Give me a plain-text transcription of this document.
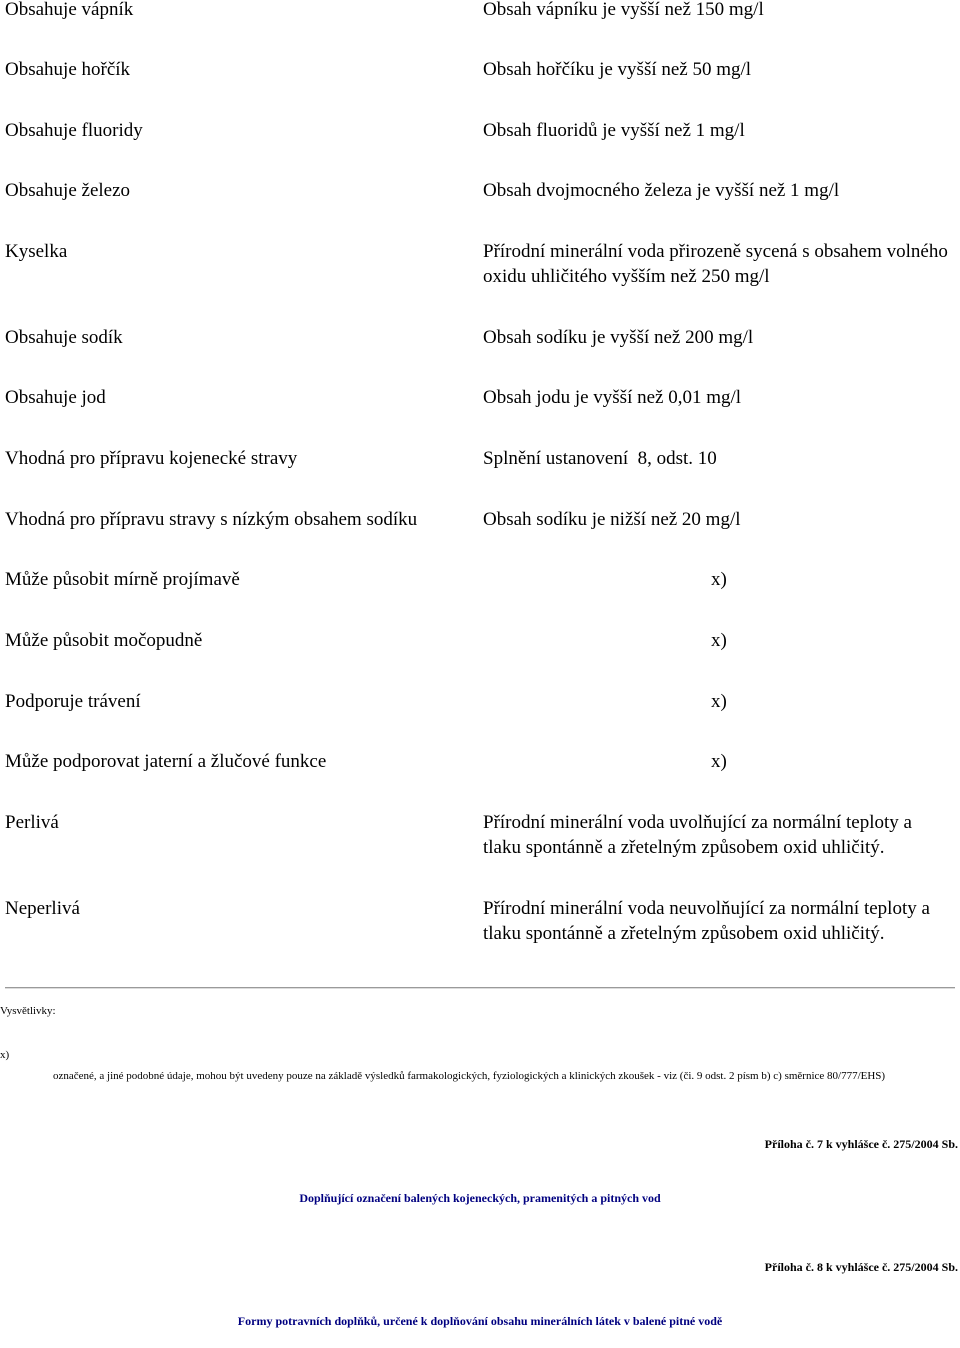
Obsahuje vápník	Obsah vápníku je vyšší než 150 mg/l
Obsahuje hořčík	Obsah hořčíku je vyšší než 50 mg/l
Obsahuje fluoridy	Obsah fluoridů je vyšší než 1 mg/l
Obsahuje železo	Obsah dvojmocného železa je vyšší než 1 mg/l
Kyselka	Přírodní minerální voda přirozeně sycená s obsahem volného oxidu uhličitého vyšším než 250 mg/l
Obsahuje sodík	Obsah sodíku je vyšší než 200 mg/l
Obsahuje jod	Obsah jodu je vyšší než 0,01 mg/l
Vhodná pro přípravu kojenecké stravy	Splnění ustanovení  8, odst. 10
Vhodná pro přípravu stravy s nízkým obsahem sodíku	Obsah sodíku je nižší než 20 mg/l
Může působit mírně projímavě	x)
Může působit močopudně	x)
Podporuje trávení	x)
Může podporovat jaterní a žlučové funkce	x)
Perlivá	Přírodní minerální voda uvolňující za normální teploty a tlaku spontánně a zřetelným způsobem oxid uhličitý.
Neperlivá	Přírodní minerální voda neuvolňující za normální teploty a tlaku spontánně a zřetelným způsobem oxid uhličitý.
Vysvětlivky:
x)
označené, a jiné podobné údaje, mohou být uvedeny pouze na základě výsledků farmakologických, fyziologických a klinických zkoušek - viz (či. 9 odst. 2 písm b) c) směrnice 80/777/EHS)
Příloha č. 7 k vyhlášce č. 275/2004 Sb.
Doplňující označení balených kojeneckých, pramenitých a pitných vod
Příloha č. 8 k vyhlášce č. 275/2004 Sb.
Formy potravních doplňků, určené k doplňování obsahu minerálních látek v balené pitné vodě
